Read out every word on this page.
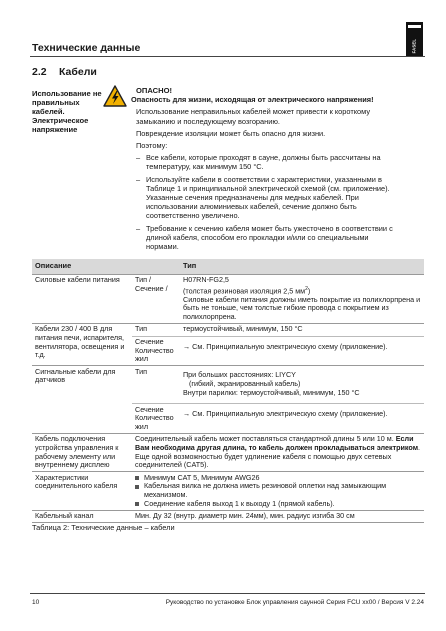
Технические данные	FASEL
2.2 Кабели
Использование не правильных кабелей. Электрическое напряжение
ОПАСНО!
Опасность для жизни, исходящая от электрического напряжения!
Использование неправильных кабелей может привести к короткому замыканию и последующему возгоранию.
Повреждение изоляции может быть опасно для жизни.
Поэтому:
– Все кабели, которые проходят в сауне, должны быть рассчитаны на температуру, как минимум 150 °C.
– Используйте кабели в соответствии с характеристики, указанными в Таблице 1 и принципиальной электрической схемой (см. приложение). Указанные сечения предназначены для медных кабелей. При использовании алюминиевых кабелей, сечение должно быть соответственно увеличено.
– Требование к сечению кабеля может быть ужесточено в соответствии с длиной кабеля, способом его прокладки и/или со специальными нормами.
Описание		Тип
Силовые кабели питания	Тип / Сечение /	H07RN-FG2,5
(толстая резиновая изоляция 2,5 $мм^2$)
Силовые кабели питания должны иметь покрытие из полихлорпрена и быть не тоньше, чем толстые гибкие провода с покрытием из полихлорпрена.

Кабели 230 / 400 В для питания печи, испарителя, вентилятора, освещения и т.д.	Тип	термоустойчивый, минимум, 150 °C
	Сечение Количество жил	→ См. Принципиальную электрическую схему (приложение).
Сигнальные кабели для датчиков	Тип	При больших расстояниях: LIYCY
(гибкий, экранированный кабель)
Внутри парилки: термоустойчивый, минимум, 150 °C

	Сечение Количество жил	→ См. Принципиальную электрическую схему (приложение).
Кабель подключения устройства управления к рабочему элементу или внутреннему дисплею	Соединительный кабель может поставляться стандартной длины 5 или 10 м. Если Вам необходима другая длина, то кабель должен прокладываться электриком. Еще одной возможностью будет удлинение кабеля с помощью двух сетевых соединителей (CAT5).	
Характеристики соединительного кабеля	Минимум CAT 5, Минимум AWG26
Кабельная вилка не должна иметь резиновой оплетки над замыкающим механизмом.
Соединение кабеля выход 1 к выходу 1 (прямой кабель).	

Кабельный канал	Мин. Ду 32 (внутр. диаметр мин. 24мм), мин. радиус изгиба 30 см	
Таблица 2: Технические данные – кабели
10	Руководство по установке Блок управления саунной Серия FCU xx00 / Версия V 2.24
